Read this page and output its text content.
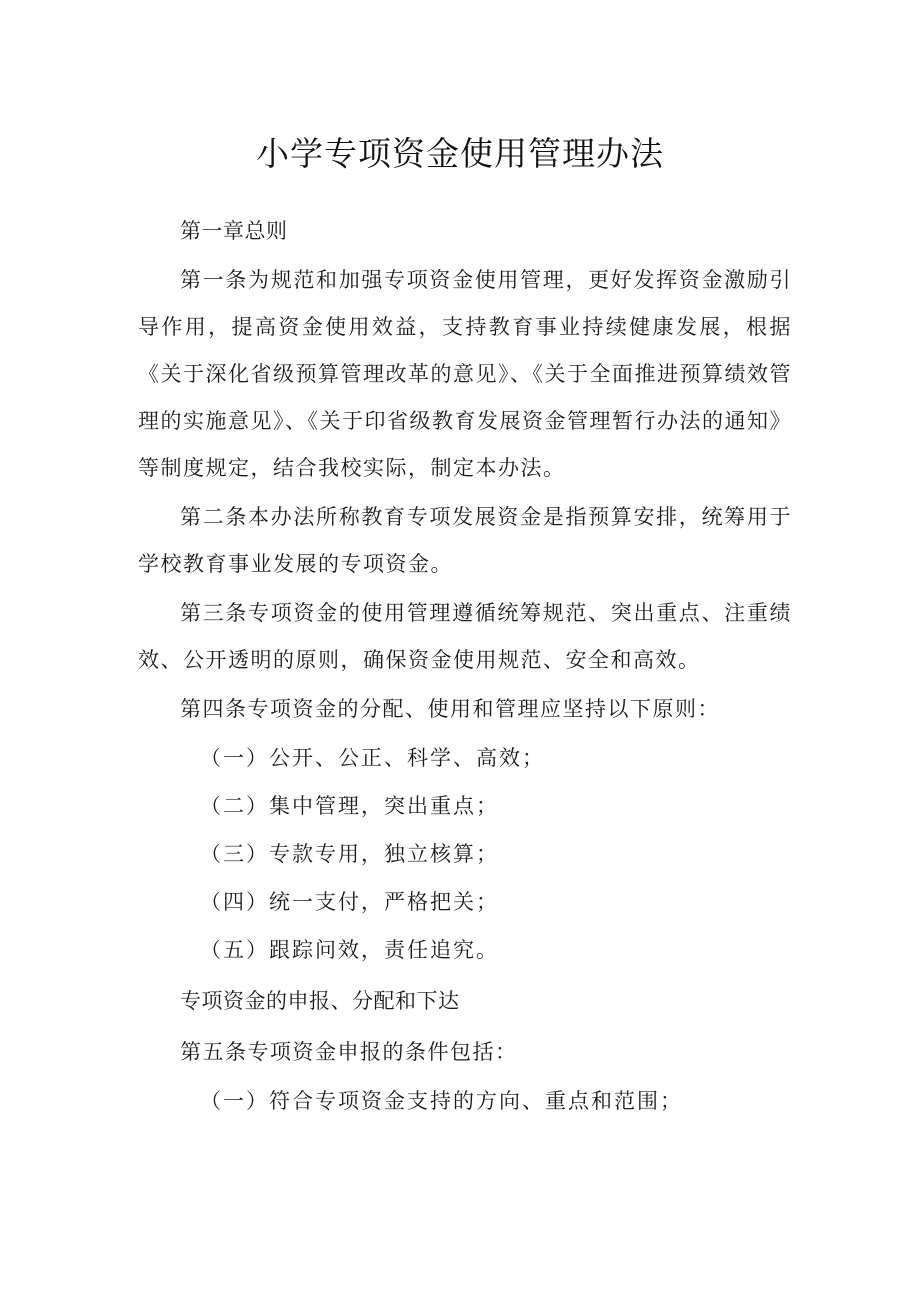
小学专项资金使用管理办法

第一章总则

第一条为规范和加强专项资金使用管理，更好发挥资金激励引导作用，提高资金使用效益，支持教育事业持续健康发展，根据《关于深化省级预算管理改革的意见》、《关于全面推进预算绩效管理的实施意见》、《关于印省级教育发展资金管理暂行办法的通知》等制度规定，结合我校实际，制定本办法。

第二条本办法所称教育专项发展资金是指预算安排，统筹用于学校教育事业发展的专项资金。

第三条专项资金的使用管理遵循统筹规范、突出重点、注重绩效、公开透明的原则，确保资金使用规范、安全和高效。

第四条专项资金的分配、使用和管理应坚持以下原则：

（一）公开、公正、科学、高效；

（二）集中管理，突出重点；

（三）专款专用，独立核算；

（四）统一支付，严格把关；

（五）跟踪问效，责任追究。

专项资金的申报、分配和下达

第五条专项资金申报的条件包括：

（一）符合专项资金支持的方向、重点和范围；
